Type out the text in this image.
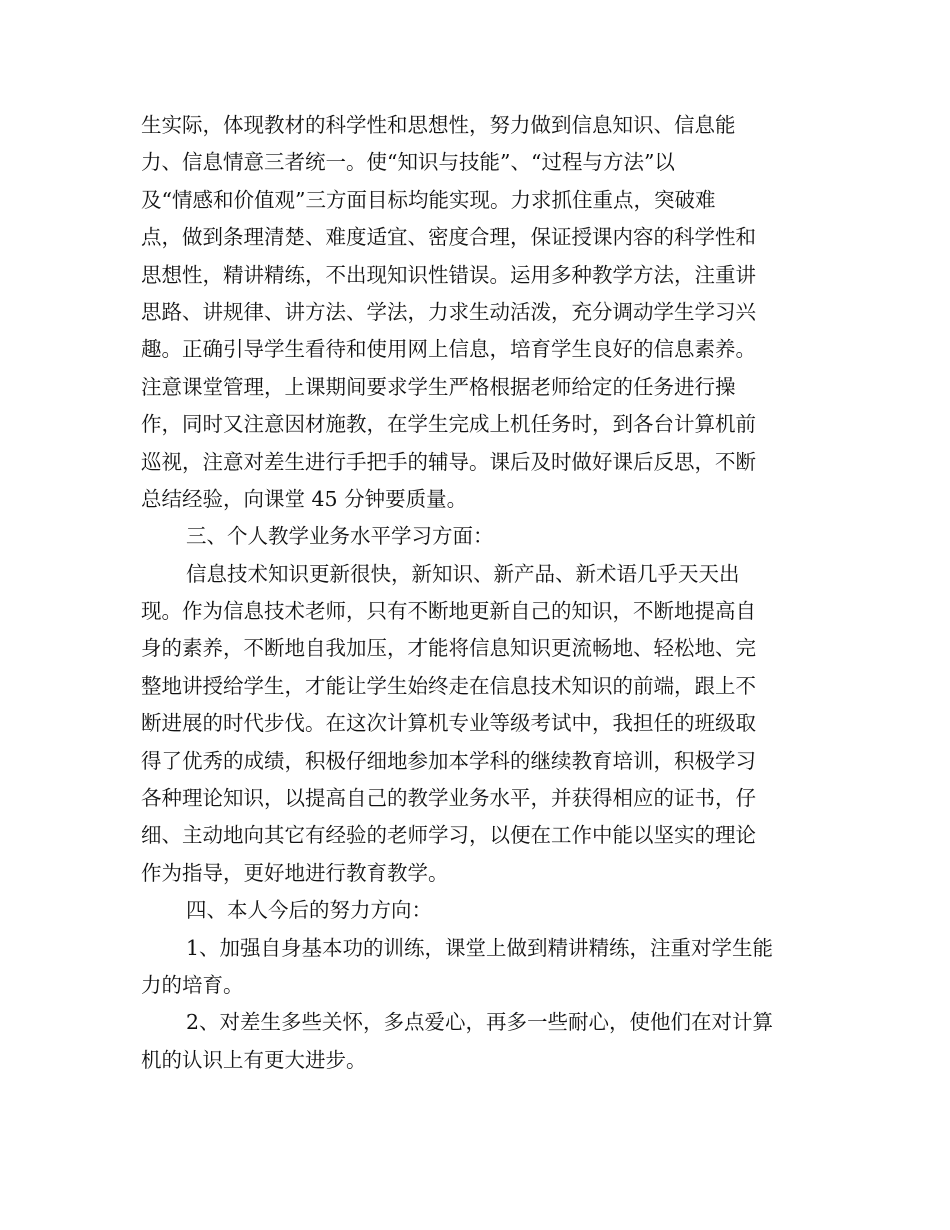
生实际，体现教材的科学性和思想性，努力做到信息知识、信息能
力、信息情意三者统一。使“知识与技能”、“过程与方法”以
及“情感和价值观”三方面目标均能实现。力求抓住重点，突破难
点，做到条理清楚、难度适宜、密度合理，保证授课内容的科学性和
思想性，精讲精练，不出现知识性错误。运用多种教学方法，注重讲
思路、讲规律、讲方法、学法，力求生动活泼，充分调动学生学习兴
趣。正确引导学生看待和使用网上信息，培育学生良好的信息素养。
注意课堂管理，上课期间要求学生严格根据老师给定的任务进行操
作，同时又注意因材施教，在学生完成上机任务时，到各台计算机前
巡视，注意对差生进行手把手的辅导。课后及时做好课后反思，不断
总结经验，向课堂 45 分钟要质量。
三、个人教学业务水平学习方面：
信息技术知识更新很快，新知识、新产品、新术语几乎天天出
现。作为信息技术老师，只有不断地更新自己的知识，不断地提高自
身的素养，不断地自我加压，才能将信息知识更流畅地、轻松地、完
整地讲授给学生，才能让学生始终走在信息技术知识的前端，跟上不
断进展的时代步伐。在这次计算机专业等级考试中，我担任的班级取
得了优秀的成绩，积极仔细地参加本学科的继续教育培训，积极学习
各种理论知识，以提高自己的教学业务水平，并获得相应的证书，仔
细、主动地向其它有经验的老师学习，以便在工作中能以坚实的理论
作为指导，更好地进行教育教学。
四、本人今后的努力方向：
1、加强自身基本功的训练，课堂上做到精讲精练，注重对学生能
力的培育。
2、对差生多些关怀，多点爱心，再多一些耐心，使他们在对计算
机的认识上有更大进步。
